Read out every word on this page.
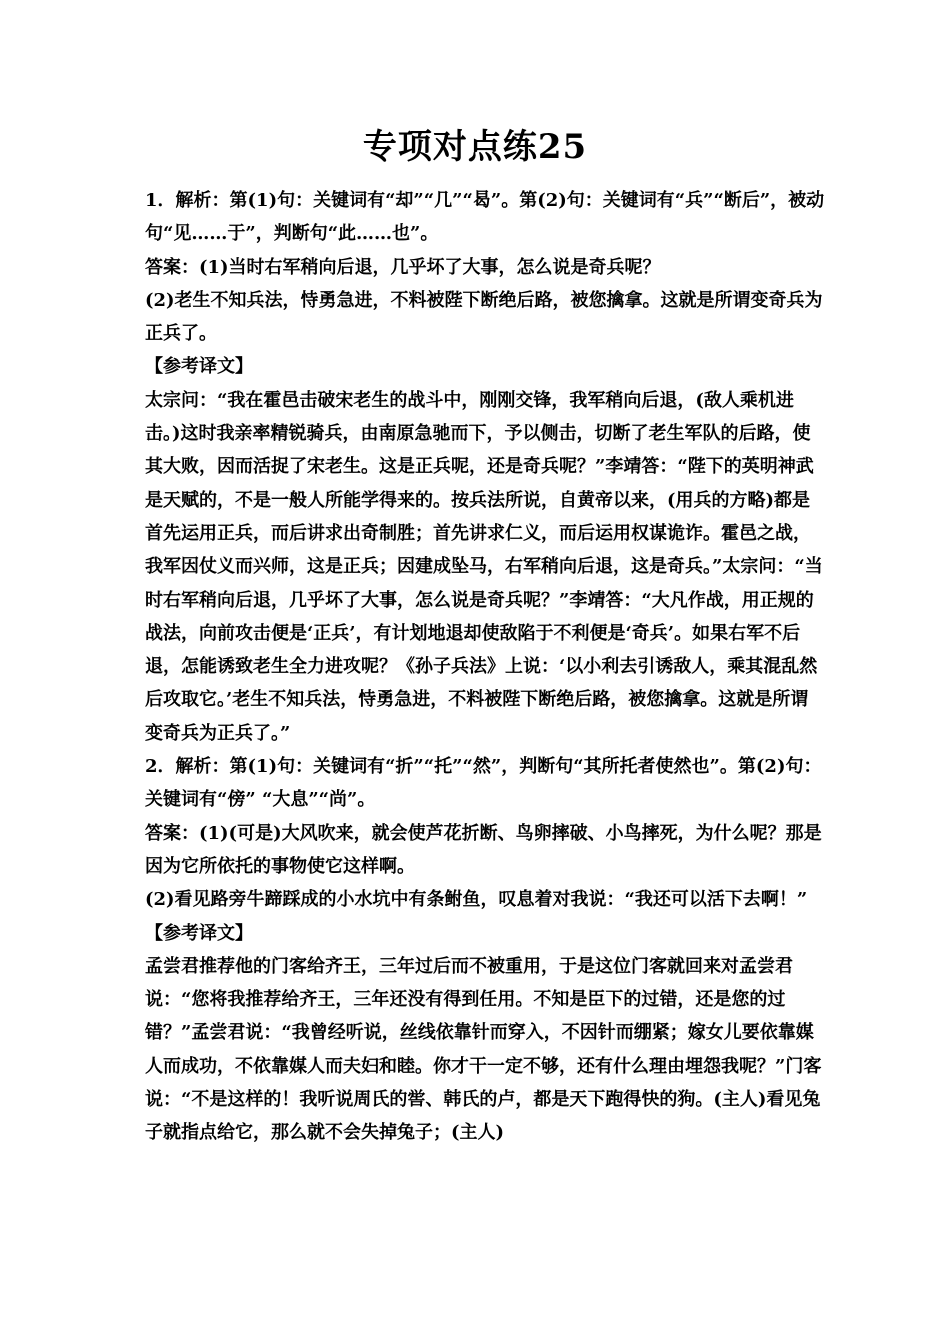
专项对点练25

1．解析：第(1)句：关键词有“却”“几”“曷”。第(2)句：关键词有“兵”“断后”，被动句“见……于”，判断句“此……也”。

答案：(1)当时右军稍向后退，几乎坏了大事，怎么说是奇兵呢？

(2)老生不知兵法，恃勇急进，不料被陛下断绝后路，被您擒拿。这就是所谓变奇兵为正兵了。

【参考译文】

太宗问：“我在霍邑击破宋老生的战斗中，刚刚交锋，我军稍向后退，(敌人乘机进击。)这时我亲率精锐骑兵，由南原急驰而下，予以侧击，切断了老生军队的后路，使其大败，因而活捉了宋老生。这是正兵呢，还是奇兵呢？”李靖答：“陛下的英明神武是天赋的，不是一般人所能学得来的。按兵法所说，自黄帝以来，(用兵的方略)都是首先运用正兵，而后讲求出奇制胜；首先讲求仁义，而后运用权谋诡诈。霍邑之战，我军因仗义而兴师，这是正兵；因建成坠马，右军稍向后退，这是奇兵。”太宗问：“当时右军稍向后退，几乎坏了大事，怎么说是奇兵呢？”李靖答：“大凡作战，用正规的战法，向前攻击便是‘正兵’，有计划地退却使敌陷于不利便是‘奇兵’。如果右军不后退，怎能诱致老生全力进攻呢？《孙子兵法》上说：‘以小利去引诱敌人，乘其混乱然后攻取它。’老生不知兵法，恃勇急进，不料被陛下断绝后路，被您擒拿。这就是所谓变奇兵为正兵了。”

2．解析：第(1)句：关键词有“折”“托”“然”，判断句“其所托者使然也”。第(2)句：关键词有“傍” “大息”“尚”。

答案：(1)(可是)大风吹来，就会使芦花折断、鸟卵摔破、小鸟摔死，为什么呢？那是因为它所依托的事物使它这样啊。

(2)看见路旁牛蹄踩成的小水坑中有条鲋鱼，叹息着对我说：“我还可以活下去啊！”

【参考译文】

孟尝君推荐他的门客给齐王，三年过后而不被重用，于是这位门客就回来对孟尝君说：“您将我推荐给齐王，三年还没有得到任用。不知是臣下的过错，还是您的过错？”孟尝君说：“我曾经听说，丝线依靠针而穿入，不因针而绷紧；嫁女儿要依靠媒人而成功，不依靠媒人而夫妇和睦。你才干一定不够，还有什么理由埋怨我呢？”门客说：“不是这样的！我听说周氏的喾、韩氏的卢，都是天下跑得快的狗。(主人)看见兔子就指点给它，那么就不会失掉兔子；(主人)
